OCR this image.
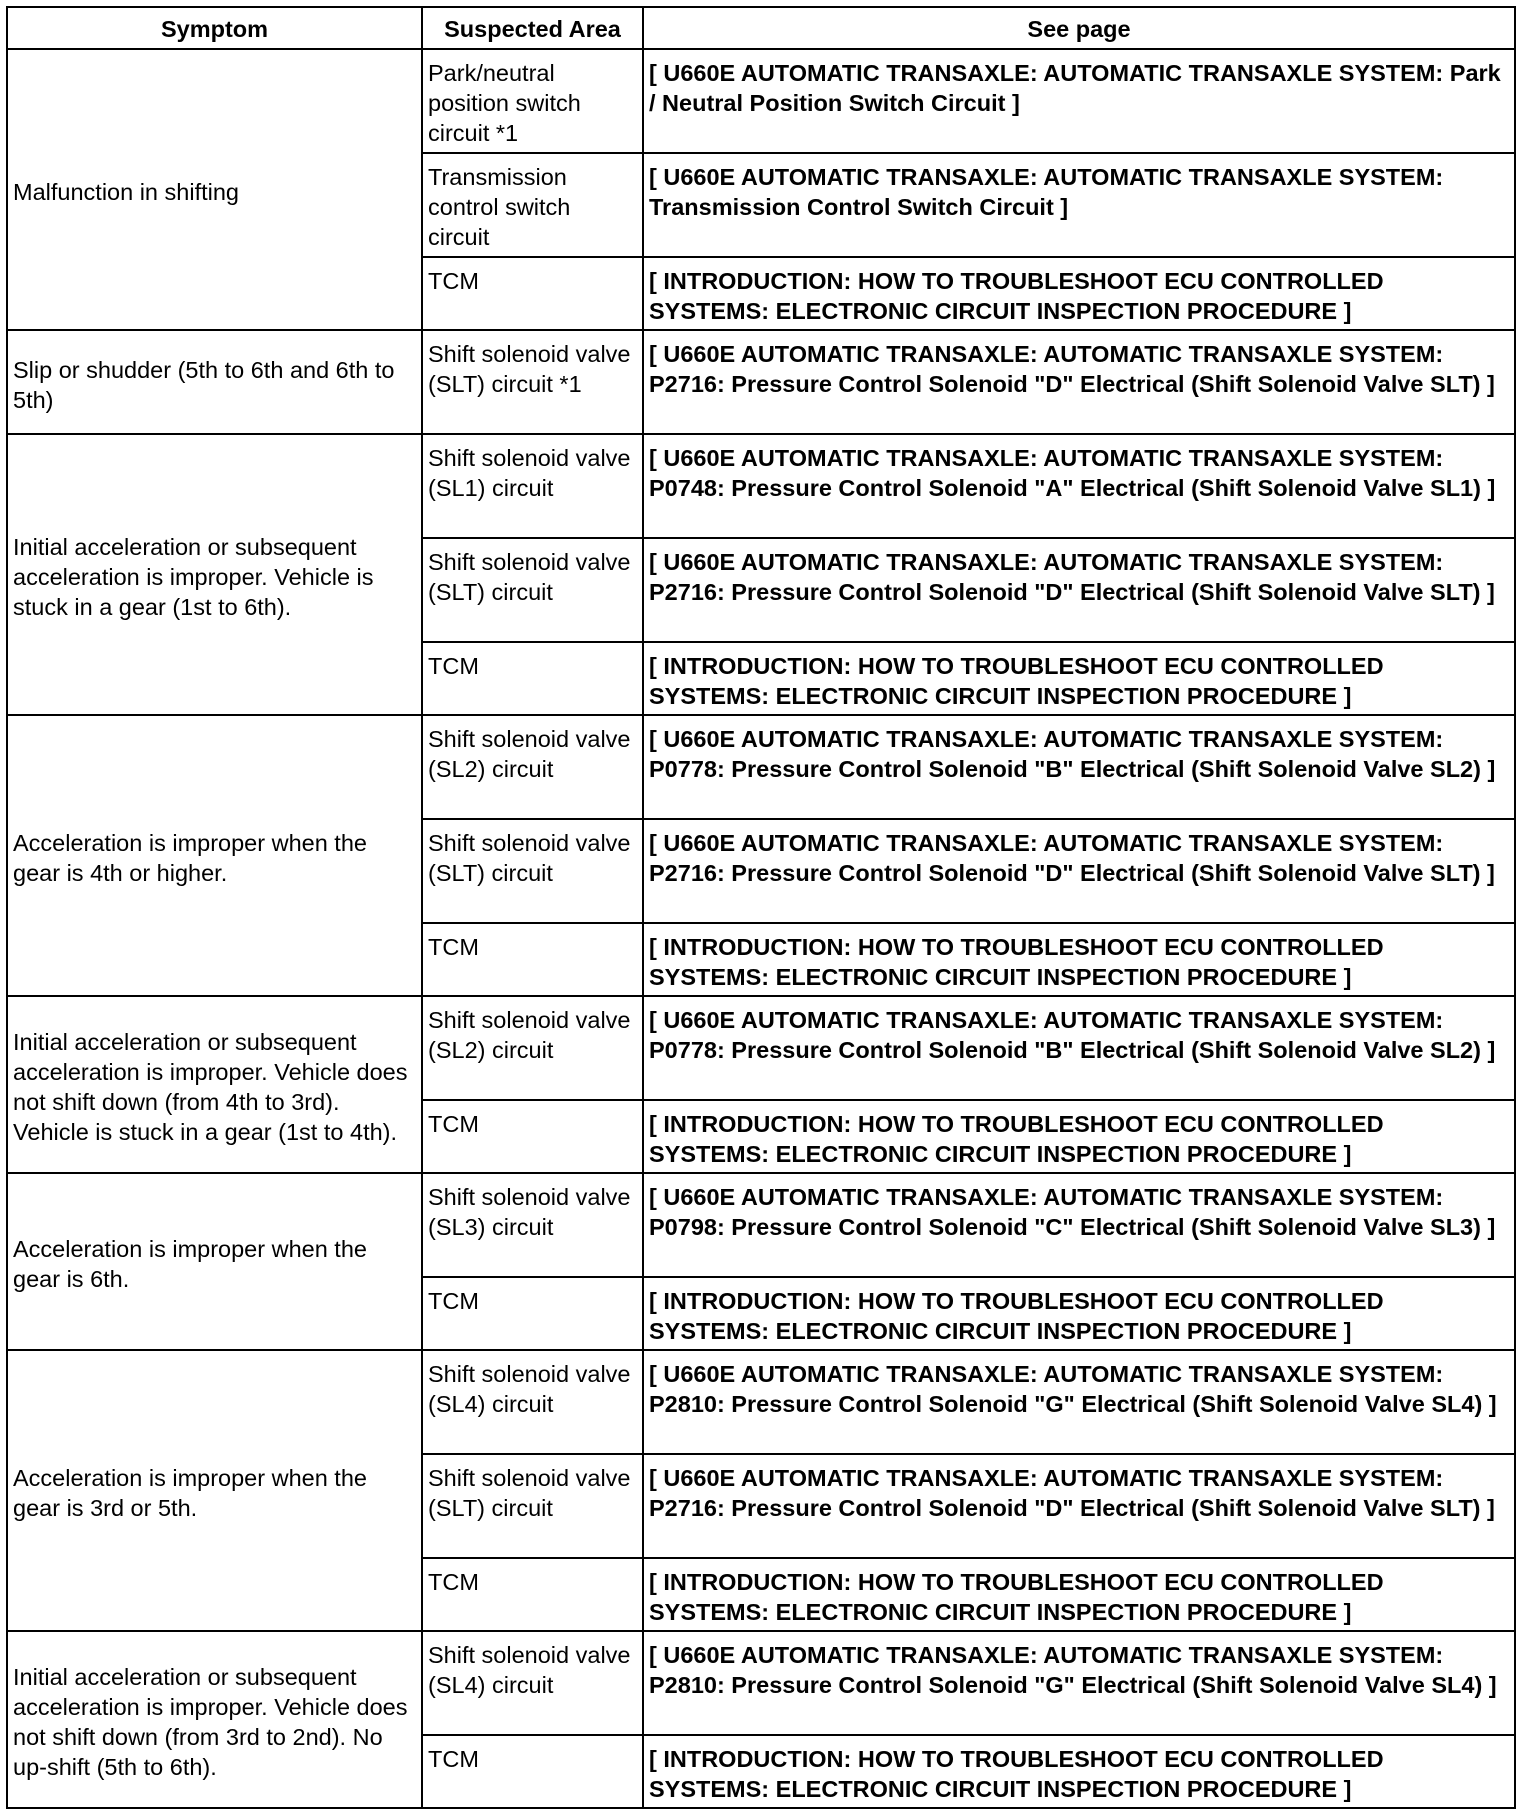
Symptom	Suspected Area	See page
Malfunction in shifting	Park/neutral position switch circuit *1	[ U660E AUTOMATIC TRANSAXLE: AUTOMATIC TRANSAXLE SYSTEM: Park / Neutral Position Switch Circuit ]
	Transmission control switch circuit	[ U660E AUTOMATIC TRANSAXLE: AUTOMATIC TRANSAXLE SYSTEM: Transmission Control Switch Circuit ]
	TCM	[ INTRODUCTION: HOW TO TROUBLESHOOT ECU CONTROLLED SYSTEMS: ELECTRONIC CIRCUIT INSPECTION PROCEDURE ]
Slip or shudder (5th to 6th and 6th to 5th)	Shift solenoid valve (SLT) circuit *1	[ U660E AUTOMATIC TRANSAXLE: AUTOMATIC TRANSAXLE SYSTEM: P2716: Pressure Control Solenoid "D" Electrical (Shift Solenoid Valve SLT) ]
Initial acceleration or subsequent acceleration is improper. Vehicle is stuck in a gear (1st to 6th).	Shift solenoid valve (SL1) circuit	[ U660E AUTOMATIC TRANSAXLE: AUTOMATIC TRANSAXLE SYSTEM: P0748: Pressure Control Solenoid "A" Electrical (Shift Solenoid Valve SL1) ]
	Shift solenoid valve (SLT) circuit	[ U660E AUTOMATIC TRANSAXLE: AUTOMATIC TRANSAXLE SYSTEM: P2716: Pressure Control Solenoid "D" Electrical (Shift Solenoid Valve SLT) ]
	TCM	[ INTRODUCTION: HOW TO TROUBLESHOOT ECU CONTROLLED SYSTEMS: ELECTRONIC CIRCUIT INSPECTION PROCEDURE ]
Acceleration is improper when the gear is 4th or higher.	Shift solenoid valve (SL2) circuit	[ U660E AUTOMATIC TRANSAXLE: AUTOMATIC TRANSAXLE SYSTEM: P0778: Pressure Control Solenoid "B" Electrical (Shift Solenoid Valve SL2) ]
	Shift solenoid valve (SLT) circuit	[ U660E AUTOMATIC TRANSAXLE: AUTOMATIC TRANSAXLE SYSTEM: P2716: Pressure Control Solenoid "D" Electrical (Shift Solenoid Valve SLT) ]
	TCM	[ INTRODUCTION: HOW TO TROUBLESHOOT ECU CONTROLLED SYSTEMS: ELECTRONIC CIRCUIT INSPECTION PROCEDURE ]
Initial acceleration or subsequent acceleration is improper. Vehicle does not shift down (from 4th to 3rd). Vehicle is stuck in a gear (1st to 4th).	Shift solenoid valve (SL2) circuit	[ U660E AUTOMATIC TRANSAXLE: AUTOMATIC TRANSAXLE SYSTEM: P0778: Pressure Control Solenoid "B" Electrical (Shift Solenoid Valve SL2) ]
	TCM	[ INTRODUCTION: HOW TO TROUBLESHOOT ECU CONTROLLED SYSTEMS: ELECTRONIC CIRCUIT INSPECTION PROCEDURE ]
Acceleration is improper when the gear is 6th.	Shift solenoid valve (SL3) circuit	[ U660E AUTOMATIC TRANSAXLE: AUTOMATIC TRANSAXLE SYSTEM: P0798: Pressure Control Solenoid "C" Electrical (Shift Solenoid Valve SL3) ]
	TCM	[ INTRODUCTION: HOW TO TROUBLESHOOT ECU CONTROLLED SYSTEMS: ELECTRONIC CIRCUIT INSPECTION PROCEDURE ]
Acceleration is improper when the gear is 3rd or 5th.	Shift solenoid valve (SL4) circuit	[ U660E AUTOMATIC TRANSAXLE: AUTOMATIC TRANSAXLE SYSTEM: P2810: Pressure Control Solenoid "G" Electrical (Shift Solenoid Valve SL4) ]
	Shift solenoid valve (SLT) circuit	[ U660E AUTOMATIC TRANSAXLE: AUTOMATIC TRANSAXLE SYSTEM: P2716: Pressure Control Solenoid "D" Electrical (Shift Solenoid Valve SLT) ]
	TCM	[ INTRODUCTION: HOW TO TROUBLESHOOT ECU CONTROLLED SYSTEMS: ELECTRONIC CIRCUIT INSPECTION PROCEDURE ]
Initial acceleration or subsequent acceleration is improper. Vehicle does not shift down (from 3rd to 2nd). No up-shift (5th to 6th).	Shift solenoid valve (SL4) circuit	[ U660E AUTOMATIC TRANSAXLE: AUTOMATIC TRANSAXLE SYSTEM: P2810: Pressure Control Solenoid "G" Electrical (Shift Solenoid Valve SL4) ]
	TCM	[ INTRODUCTION: HOW TO TROUBLESHOOT ECU CONTROLLED SYSTEMS: ELECTRONIC CIRCUIT INSPECTION PROCEDURE ]
